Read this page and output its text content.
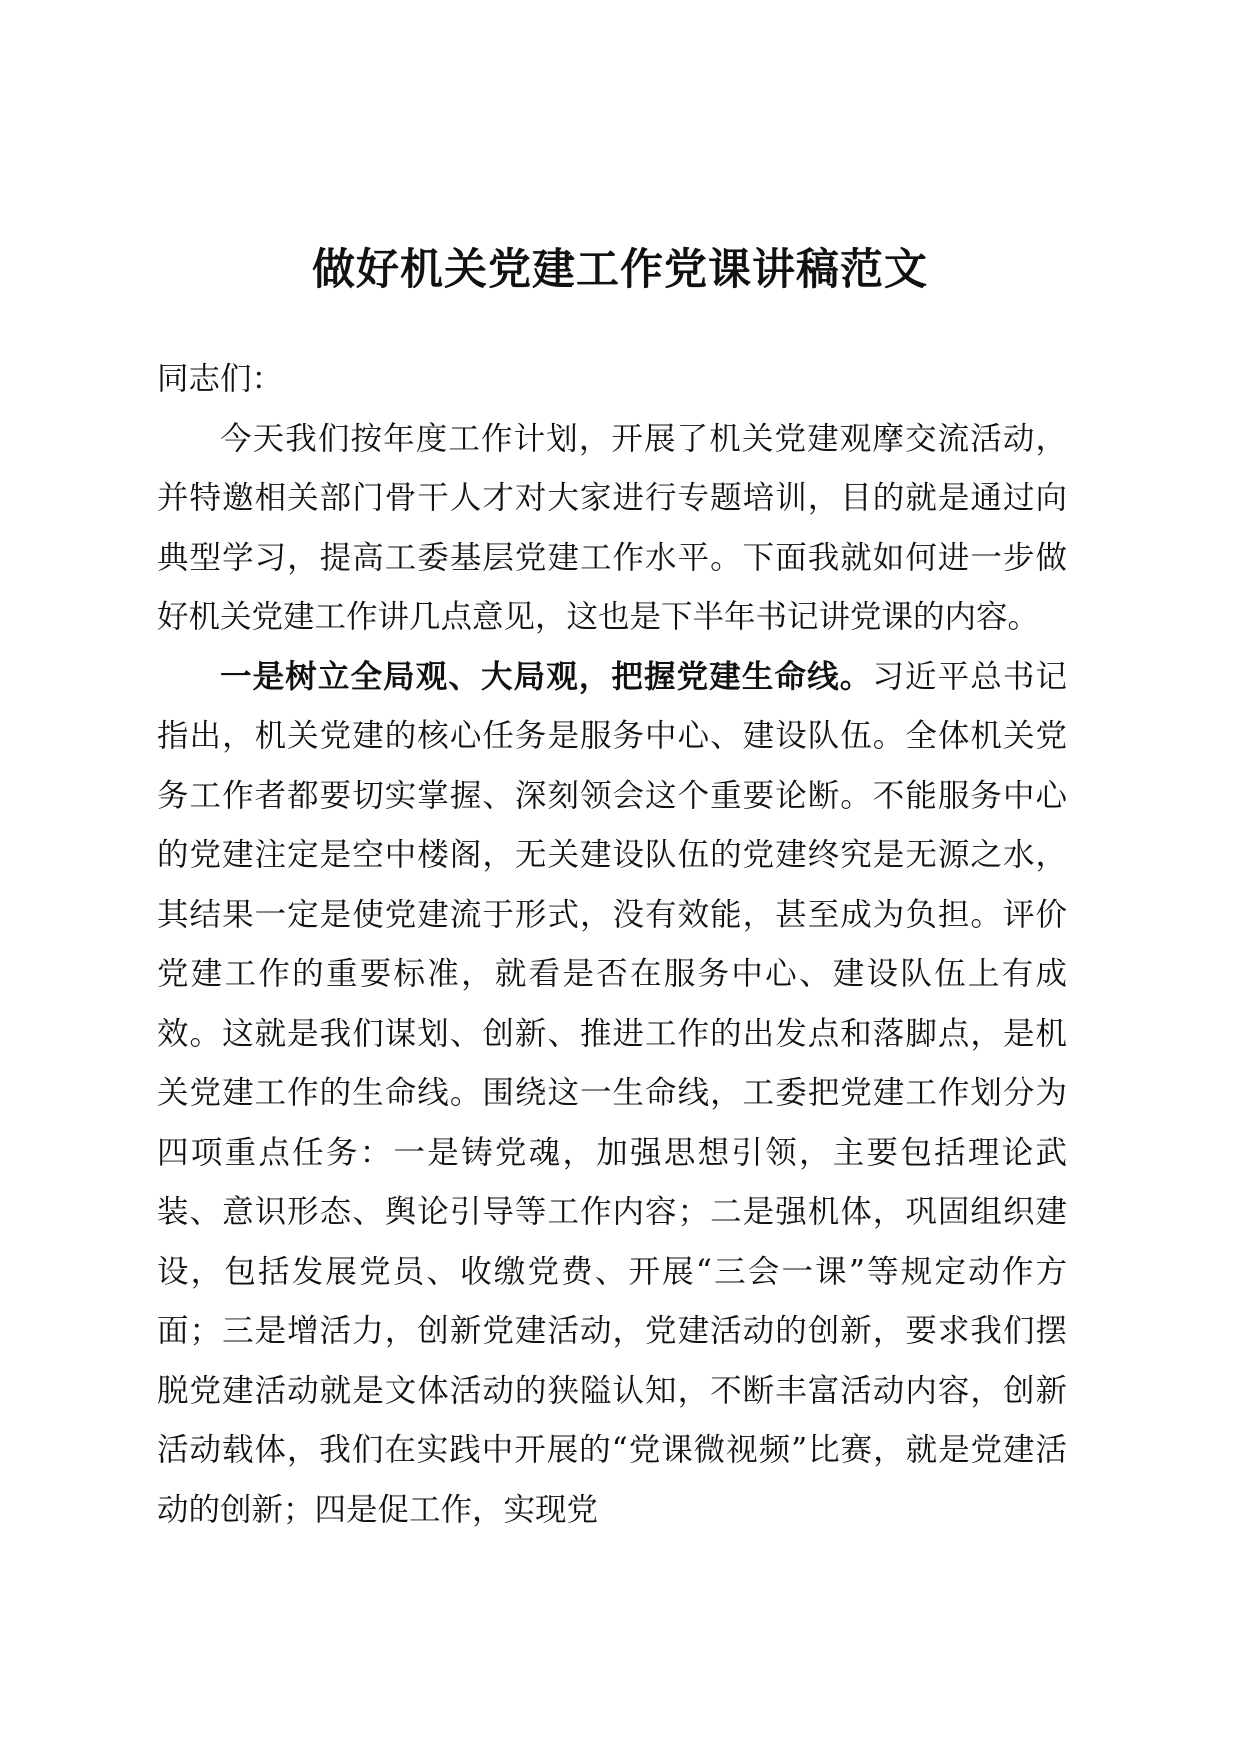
做好机关党建工作党课讲稿范文

同志们：

今天我们按年度工作计划，开展了机关党建观摩交流活动，并特邀相关部门骨干人才对大家进行专题培训，目的就是通过向典型学习，提高工委基层党建工作水平。下面我就如何进一步做好机关党建工作讲几点意见，这也是下半年书记讲党课的内容。

一是树立全局观、大局观，把握党建生命线。习近平总书记指出，机关党建的核心任务是服务中心、建设队伍。全体机关党务工作者都要切实掌握、深刻领会这个重要论断。不能服务中心的党建注定是空中楼阁，无关建设队伍的党建终究是无源之水，其结果一定是使党建流于形式，没有效能，甚至成为负担。评价党建工作的重要标准，就看是否在服务中心、建设队伍上有成效。这就是我们谋划、创新、推进工作的出发点和落脚点，是机关党建工作的生命线。围绕这一生命线，工委把党建工作划分为四项重点任务：一是铸党魂，加强思想引领，主要包括理论武装、意识形态、舆论引导等工作内容；二是强机体，巩固组织建设，包括发展党员、收缴党费、开展“三会一课”等规定动作方面；三是增活力，创新党建活动，党建活动的创新，要求我们摆脱党建活动就是文体活动的狭隘认知，不断丰富活动内容，创新活动载体，我们在实践中开展的“党课微视频”比赛，就是党建活动的创新；四是促工作，实现党
